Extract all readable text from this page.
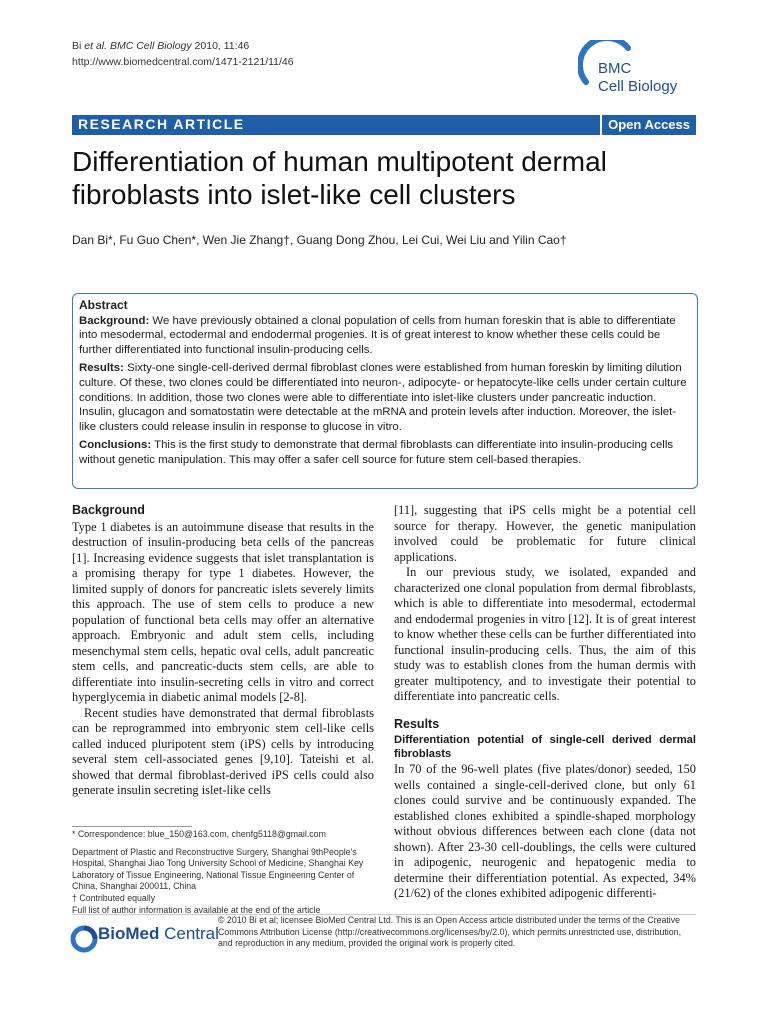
Bi et al. BMC Cell Biology 2010, 11:46
http://www.biomedcentral.com/1471-2121/11/46	BMC
Cell Biology
RESEARCH ARTICLE	Open Access
Differentiation of human multipotent dermal fibroblasts into islet-like cell clusters
Dan Bi*, Fu Guo Chen*, Wen Jie Zhang†, Guang Dong Zhou, Lei Cui, Wei Liu and Yilin Cao†
Abstract

Background: We have previously obtained a clonal population of cells from human foreskin that is able to differentiate into mesodermal, ectodermal and endodermal progenies. It is of great interest to know whether these cells could be further differentiated into functional insulin-producing cells.

Results: Sixty-one single-cell-derived dermal fibroblast clones were established from human foreskin by limiting dilution culture. Of these, two clones could be differentiated into neuron-, adipocyte- or hepatocyte-like cells under certain culture conditions. In addition, those two clones were able to differentiate into islet-like clusters under pancreatic induction. Insulin, glucagon and somatostatin were detectable at the mRNA and protein levels after induction. Moreover, the islet-like clusters could release insulin in response to glucose in vitro.

Conclusions: This is the first study to demonstrate that dermal fibroblasts can differentiate into insulin-producing cells without genetic manipulation. This may offer a safer cell source for future stem cell-based therapies.

Background

Type 1 diabetes is an autoimmune disease that results in the destruction of insulin-producing beta cells of the pancreas [1]. Increasing evidence suggests that islet transplantation is a promising therapy for type 1 diabetes. However, the limited supply of donors for pancreatic islets severely limits this approach. The use of stem cells to produce a new population of functional beta cells may offer an alternative approach. Embryonic and adult stem cells, including mesenchymal stem cells, hepatic oval cells, adult pancreatic stem cells, and pancreatic-ducts stem cells, are able to differentiate into insulin-secreting cells in vitro and correct hyperglycemia in diabetic animal models [2-8].

Recent studies have demonstrated that dermal fibroblasts can be reprogrammed into embryonic stem cell-like cells called induced pluripotent stem (iPS) cells by introducing several stem cell-associated genes [9,10]. Tateishi et al. showed that dermal fibroblast-derived iPS cells could also generate insulin secreting islet-like cells

[11], suggesting that iPS cells might be a potential cell source for therapy. However, the genetic manipulation involved could be problematic for future clinical applications.

In our previous study, we isolated, expanded and characterized one clonal population from dermal fibroblasts, which is able to differentiate into mesodermal, ectodermal and endodermal progenies in vitro [12]. It is of great interest to know whether these cells can be further differentiated into functional insulin-producing cells. Thus, the aim of this study was to establish clones from the human dermis with greater multipotency, and to investigate their potential to differentiate into pancreatic cells.

Results
Differentiation potential of single-cell derived dermal fibroblasts

In 70 of the 96-well plates (five plates/donor) seeded, 150 wells contained a single-cell-derived clone, but only 61 clones could survive and be continuously expanded. The established clones exhibited a spindle-shaped morphology without obvious differences between each clone (data not shown). After 23-30 cell-doublings, the cells were cultured in adipogenic, neurogenic and hepatogenic media to determine their differentiation potential. As expected, 34% (21/62) of the clones exhibited adipogenic differenti-

* Correspondence: blue_150@163.com, chenfg5118@gmail.com
Department of Plastic and Reconstructive Surgery, Shanghai 9thPeople's Hospital, Shanghai Jiao Tong University School of Medicine, Shanghai Key Laboratory of Tissue Engineering, National Tissue Engineering Center of China, Shanghai 200011, China
† Contributed equally
Full list of author information is available at the end of the article
BioMed Central
© 2010 Bi et al; licensee BioMed Central Ltd. This is an Open Access article distributed under the terms of the Creative Commons Attribution License (http://creativecommons.org/licenses/by/2.0), which permits unrestricted use, distribution, and reproduction in any medium, provided the original work is properly cited.
